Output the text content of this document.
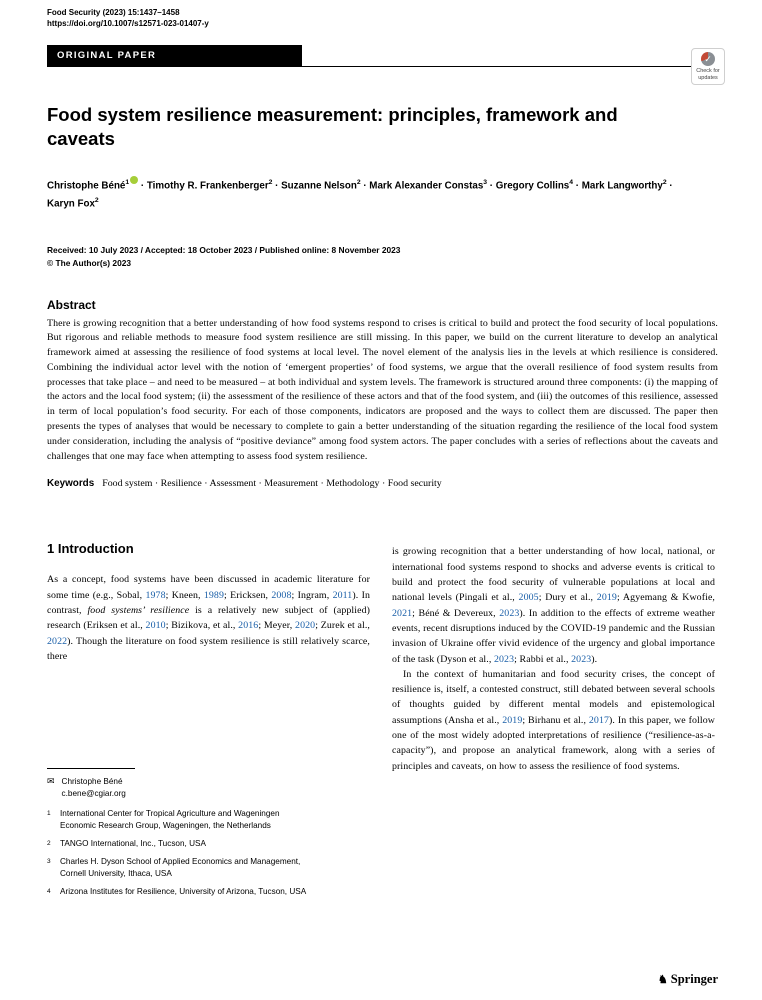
Food Security (2023) 15:1437–1458
https://doi.org/10.1007/s12571-023-01407-y
ORIGINAL PAPER
Food system resilience measurement: principles, framework and caveats
Christophe Béné$^1$ · Timothy R. Frankenberger$^2$ · Suzanne Nelson$^2$ · Mark Alexander Constas$^3$ · Gregory Collins$^4$ · Mark Langworthy$^2$ · Karyn Fox$^2$
Received: 10 July 2023 / Accepted: 18 October 2023 / Published online: 8 November 2023
© The Author(s) 2023
Abstract
There is growing recognition that a better understanding of how food systems respond to crises is critical to build and protect the food security of local populations. But rigorous and reliable methods to measure food system resilience are still missing. In this paper, we build on the current literature to develop an analytical framework aimed at assessing the resilience of food systems at local level. The novel element of the analysis lies in the levels at which resilience is considered. Combining the individual actor level with the notion of ‘emergent properties’ of food systems, we argue that the overall resilience of food system results from processes that take place – and need to be measured – at both individual and system levels. The framework is structured around three components: (i) the mapping of the actors and the local food system; (ii) the assessment of the resilience of these actors and that of the food system, and (iii) the outcomes of this resilience, assessed in term of local population’s food security. For each of those components, indicators are proposed and the ways to collect them are discussed. The paper then presents the types of analyses that would be necessary to complete to gain a better understanding of the situation regarding the resilience of the local food system under consideration, including the analysis of “positive deviance” among food system actors. The paper concludes with a series of reflections about the caveats and challenges that one may face when attempting to assess food system resilience.
Keywords Food system · Resilience · Assessment · Measurement · Methodology · Food security
1 Introduction

As a concept, food systems have been discussed in academic literature for some time (e.g., Sobal, 1978; Kneen, 1989; Ericksen, 2008; Ingram, 2011). In contrast, food systems’ resilience is a relatively new subject of (applied) research (Eriksen et al., 2010; Bizikova, et al., 2016; Meyer, 2020; Zurek et al., 2022). Though the literature on food system resilience is still relatively scarce, there

✉ Christophe Béné
c.bene@cgiar.org
1	International Center for Tropical Agriculture and Wageningen Economic Research Group, Wageningen, the Netherlands
2	TANGO International, Inc., Tucson, USA
3	Charles H. Dyson School of Applied Economics and Management, Cornell University, Ithaca, USA
4	Arizona Institutes for Resilience, University of Arizona, Tucson, USA

is growing recognition that a better understanding of how local, national, or international food systems respond to shocks and adverse events is critical to build and protect the food security of vulnerable populations at local and national levels (Pingali et al., 2005; Dury et al., 2019; Agyemang & Kwofie, 2021; Béné & Devereux, 2023). In addition to the effects of extreme weather events, recent disruptions induced by the COVID-19 pandemic and the Russian invasion of Ukraine offer vivid evidence of the urgency and global importance of the task (Dyson et al., 2023; Rabbi et al., 2023).

In the context of humanitarian and food security crises, the concept of resilience is, itself, a contested construct, still debated between several schools of thoughts guided by different mental models and epistemological assumptions (Ansha et al., 2019; Birhanu et al., 2017). In this paper, we follow one of the most widely adopted interpretations of resilience (“resilience-as-a-capacity”), and propose an analytical framework, along with a series of principles and caveats, on how to assess the resilience of food systems.

✓
Check for updates
♞ Springer
